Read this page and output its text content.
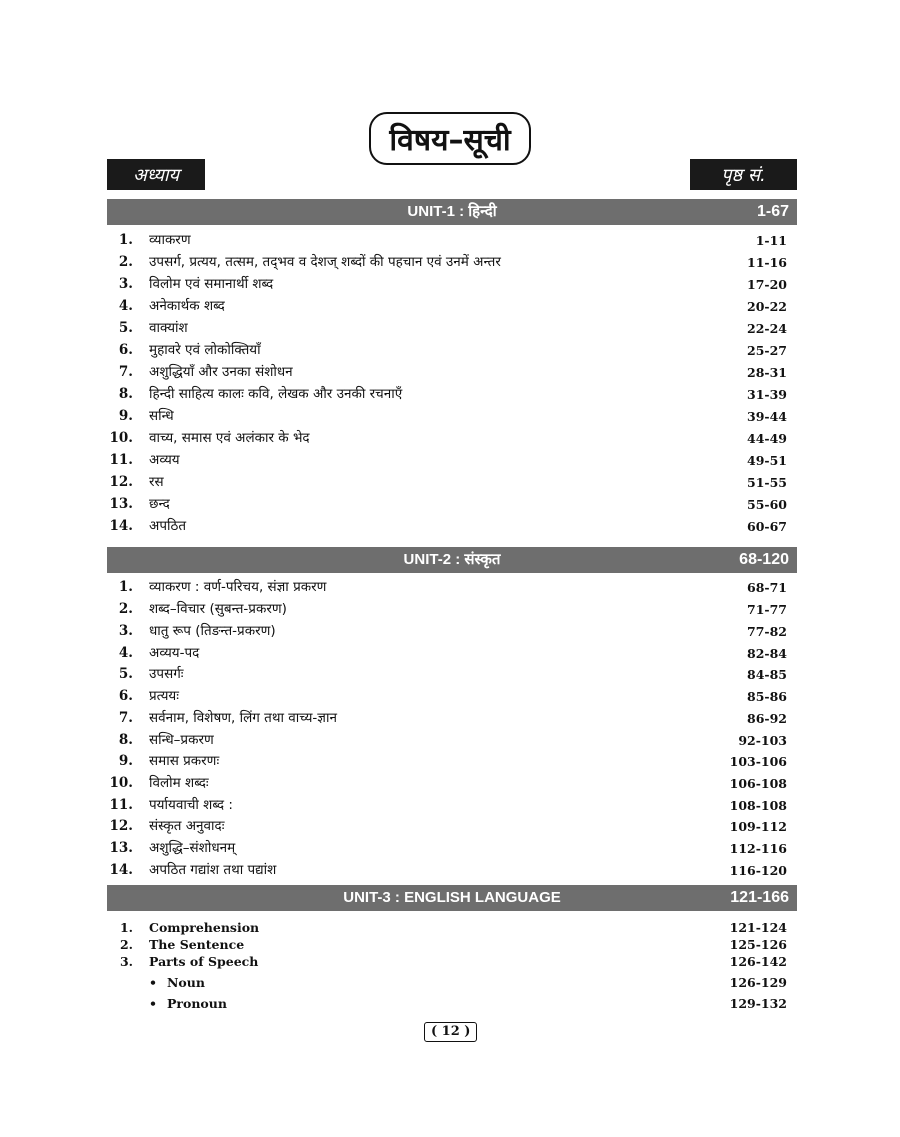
विषय–सूची
अध्याय	पृष्ठ सं.
UNIT-1 : हिन्दी	1-67
1. व्याकरण	1-11
2. उपसर्ग, प्रत्यय, तत्सम, तद्‌भव व देशज् शब्दों की पहचान एवं उनमें अन्तर	11-16
3. विलोम एवं समानार्थी शब्द	17-20
4. अनेकार्थक शब्द	20-22
5. वाक्यांश	22-24
6. मुहावरे एवं लोकोक्तियाँ	25-27
7. अशुद्धियाँ और उनका संशोधन	28-31
8. हिन्दी साहित्य कालः कवि, लेखक और उनकी रचनाएँ	31-39
9. सन्धि	39-44
10. वाच्य, समास एवं अलंकार के भेद	44-49
11. अव्यय	49-51
12. रस	51-55
13. छन्द	55-60
14. अपठित	60-67
UNIT-2 : संस्कृत	68-120
1. व्याकरण : वर्ण-परिचय, संज्ञा प्रकरण	68-71
2. शब्द–विचार (सुबन्त-प्रकरण)	71-77
3. धातु रूप (तिङन्त-प्रकरण)	77-82
4. अव्यय-पद	82-84
5. उपसर्गः	84-85
6. प्रत्ययः	85-86
7. सर्वनाम, विशेषण, लिंग तथा वाच्य-ज्ञान	86-92
8. सन्धि–प्रकरण	92-103
9. समास प्रकरणः	103-106
10. विलोम शब्दः	106-108
11. पर्यायवाची शब्द :	108-108
12. संस्कृत अनुवादः	109-112
13. अशुद्धि–संशोधनम्	112-116
14. अपठित गद्यांश तथा पद्यांश	116-120
UNIT-3 : ENGLISH LANGUAGE	121-166
1. Comprehension	121-124
2. The Sentence	125-126
3. Parts of Speech	126-142
• Noun	126-129
• Pronoun	129-132
( 12 )
